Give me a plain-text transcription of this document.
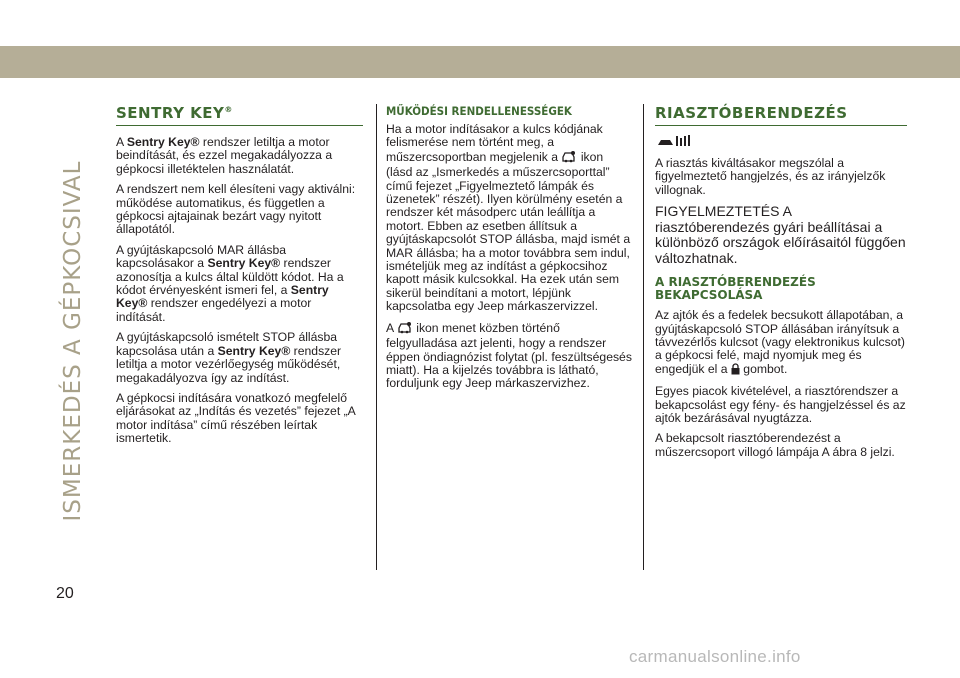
ISMERKEDÉS A GÉPKOCSIVAL
SENTRY KEY®

A Sentry Key® rendszer letiltja a motor beindítását, és ezzel megakadályozza a gépkocsi illetéktelen használatát.

A rendszert nem kell élesíteni vagy aktiválni: működése automatikus, és független a gépkocsi ajtajainak bezárt vagy nyitott állapotától.

A gyújtáskapcsoló MAR állásba kapcsolásakor a Sentry Key® rendszer azonosítja a kulcs által küldött kódot. Ha a kódot érvényesként ismeri fel, a Sentry Key® rendszer engedélyezi a motor indítását.

A gyújtáskapcsoló ismételt STOP állásba kapcsolása után a Sentry Key® rendszer letiltja a motor vezérlőegység működését, megakadályozva így az indítást.

A gépkocsi indítására vonatkozó megfelelő eljárásokat az „Indítás és vezetés” fejezet „A motor indítása” című részében leírtak ismertetik.

MŰKÖDÉSI RENDELLENESSÉGEK

Ha a motor indításakor a kulcs kódjának felismerése nem történt meg, a műszercsoportban megjelenik a  ikon (lásd az „Ismerkedés a műszercsoporttal” című fejezet „Figyelmeztető lámpák és üzenetek” részét). Ilyen körülmény esetén a rendszer két másodperc után leállítja a motort. Ebben az esetben állítsuk a gyújtáskapcsolót STOP állásba, majd ismét a MAR állásba; ha a motor továbbra sem indul, ismételjük meg az indítást a gépkocsihoz kapott másik kulcsokkal. Ha ezek után sem sikerül beindítani a motort, lépjünk kapcsolatba egy Jeep márkaszervizzel.

A  ikon menet közben történő felgyulladása azt jelenti, hogy a rendszer éppen öndiagnózist folytat (pl. feszültségesés miatt). Ha a kijelzés továbbra is látható, forduljunk egy Jeep márkaszervizhez.

RIASZTÓBERENDEZÉS

A riasztás kiváltásakor megszólal a figyelmeztető hangjelzés, és az irányjelzők villognak.

FIGYELMEZTETÉS A riasztóberendezés gyári beállításai a különböző országok előírásaitól függően változhatnak.
A RIASZTÓBERENDEZÉS BEKAPCSOLÁSA

Az ajtók és a fedelek becsukott állapotában, a gyújtáskapcsoló STOP állásában irányítsuk a távvezérlős kulcsot (vagy elektronikus kulcsot) a gépkocsi felé, majd nyomjuk meg és engedjük el a  gombot.

Egyes piacok kivételével, a riasztórendszer a bekapcsolást egy fény- és hangjelzéssel és az ajtók bezárásával nyugtázza.

A bekapcsolt riasztóberendezést a műszercsoport villogó lámpája A ábra 8 jelzi.

20
carmanualsonline.info
